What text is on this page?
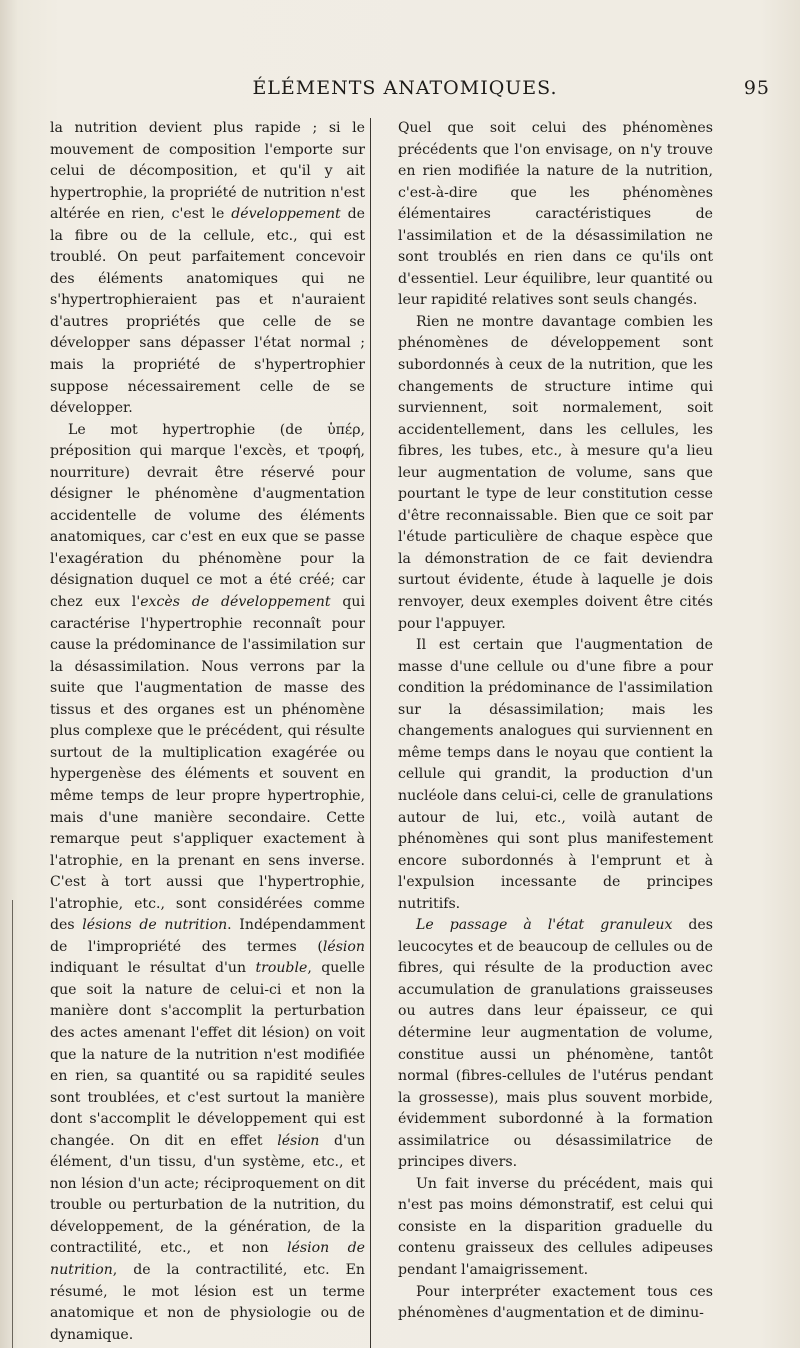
ÉLÉMENTS ANATOMIQUES.	95

la nutrition devient plus rapide ; si le mouvement de composition l'emporte sur celui de décomposition, et qu'il y ait hypertrophie, la propriété de nutrition n'est altérée en rien, c'est le développement de la fibre ou de la cellule, etc., qui est troublé. On peut parfaitement concevoir des éléments anatomiques qui ne s'hypertrophieraient pas et n'auraient d'autres propriétés que celle de se développer sans dépasser l'état normal ; mais la propriété de s'hypertrophier suppose nécessairement celle de se développer.

Le mot hypertrophie (de ὑπέρ, préposition qui marque l'excès, et τροφή, nourriture) devrait être réservé pour désigner le phénomène d'augmentation accidentelle de volume des éléments anatomiques, car c'est en eux que se passe l'exagération du phénomène pour la désignation duquel ce mot a été créé; car chez eux l'excès de développement qui caractérise l'hypertrophie reconnaît pour cause la prédominance de l'assimilation sur la désassimilation. Nous verrons par la suite que l'augmentation de masse des tissus et des organes est un phénomène plus complexe que le précédent, qui résulte surtout de la multiplication exagérée ou hypergenèse des éléments et souvent en même temps de leur propre hypertrophie, mais d'une manière secondaire. Cette remarque peut s'appliquer exactement à l'atrophie, en la prenant en sens inverse. C'est à tort aussi que l'hypertrophie, l'atrophie, etc., sont considérées comme des lésions de nutrition. Indépendamment de l'impropriété des termes (lésion indiquant le résultat d'un trouble, quelle que soit la nature de celui-ci et non la manière dont s'accomplit la perturbation des actes amenant l'effet dit lésion) on voit que la nature de la nutrition n'est modifiée en rien, sa quantité ou sa rapidité seules sont troublées, et c'est surtout la manière dont s'accomplit le développement qui est changée. On dit en effet lésion d'un élément, d'un tissu, d'un système, etc., et non lésion d'un acte; réciproquement on dit trouble ou perturbation de la nutrition, du développement, de la génération, de la contractilité, etc., et non lésion de nutrition, de la contractilité, etc. En résumé, le mot lésion est un terme anatomique et non de physiologie ou de dynamique.

Quel que soit celui des phénomènes précédents que l'on envisage, on n'y trouve en rien modifiée la nature de la nutrition, c'est-à-dire que les phénomènes élémentaires caractéristiques de l'assimilation et de la désassimilation ne sont troublés en rien dans ce qu'ils ont d'essentiel. Leur équilibre, leur quantité ou leur rapidité relatives sont seuls changés.

Rien ne montre davantage combien les phénomènes de développement sont subordonnés à ceux de la nutrition, que les changements de structure intime qui surviennent, soit normalement, soit accidentellement, dans les cellules, les fibres, les tubes, etc., à mesure qu'a lieu leur augmentation de volume, sans que pourtant le type de leur constitution cesse d'être reconnaissable. Bien que ce soit par l'étude particulière de chaque espèce que la démonstration de ce fait deviendra surtout évidente, étude à laquelle je dois renvoyer, deux exemples doivent être cités pour l'appuyer.

Il est certain que l'augmentation de masse d'une cellule ou d'une fibre a pour condition la prédominance de l'assimilation sur la désassimilation; mais les changements analogues qui surviennent en même temps dans le noyau que contient la cellule qui grandit, la production d'un nucléole dans celui-ci, celle de granulations autour de lui, etc., voilà autant de phénomènes qui sont plus manifestement encore subordonnés à l'emprunt et à l'expulsion incessante de principes nutritifs.

Le passage à l'état granuleux des leucocytes et de beaucoup de cellules ou de fibres, qui résulte de la production avec accumulation de granulations graisseuses ou autres dans leur épaisseur, ce qui détermine leur augmentation de volume, constitue aussi un phénomène, tantôt normal (fibres-cellules de l'utérus pendant la grossesse), mais plus souvent morbide, évidemment subordonné à la formation assimilatrice ou désassimilatrice de principes divers.

Un fait inverse du précédent, mais qui n'est pas moins démonstratif, est celui qui consiste en la disparition graduelle du contenu graisseux des cellules adipeuses pendant l'amaigrissement.

Pour interpréter exactement tous ces phénomènes d'augmentation et de diminu-
